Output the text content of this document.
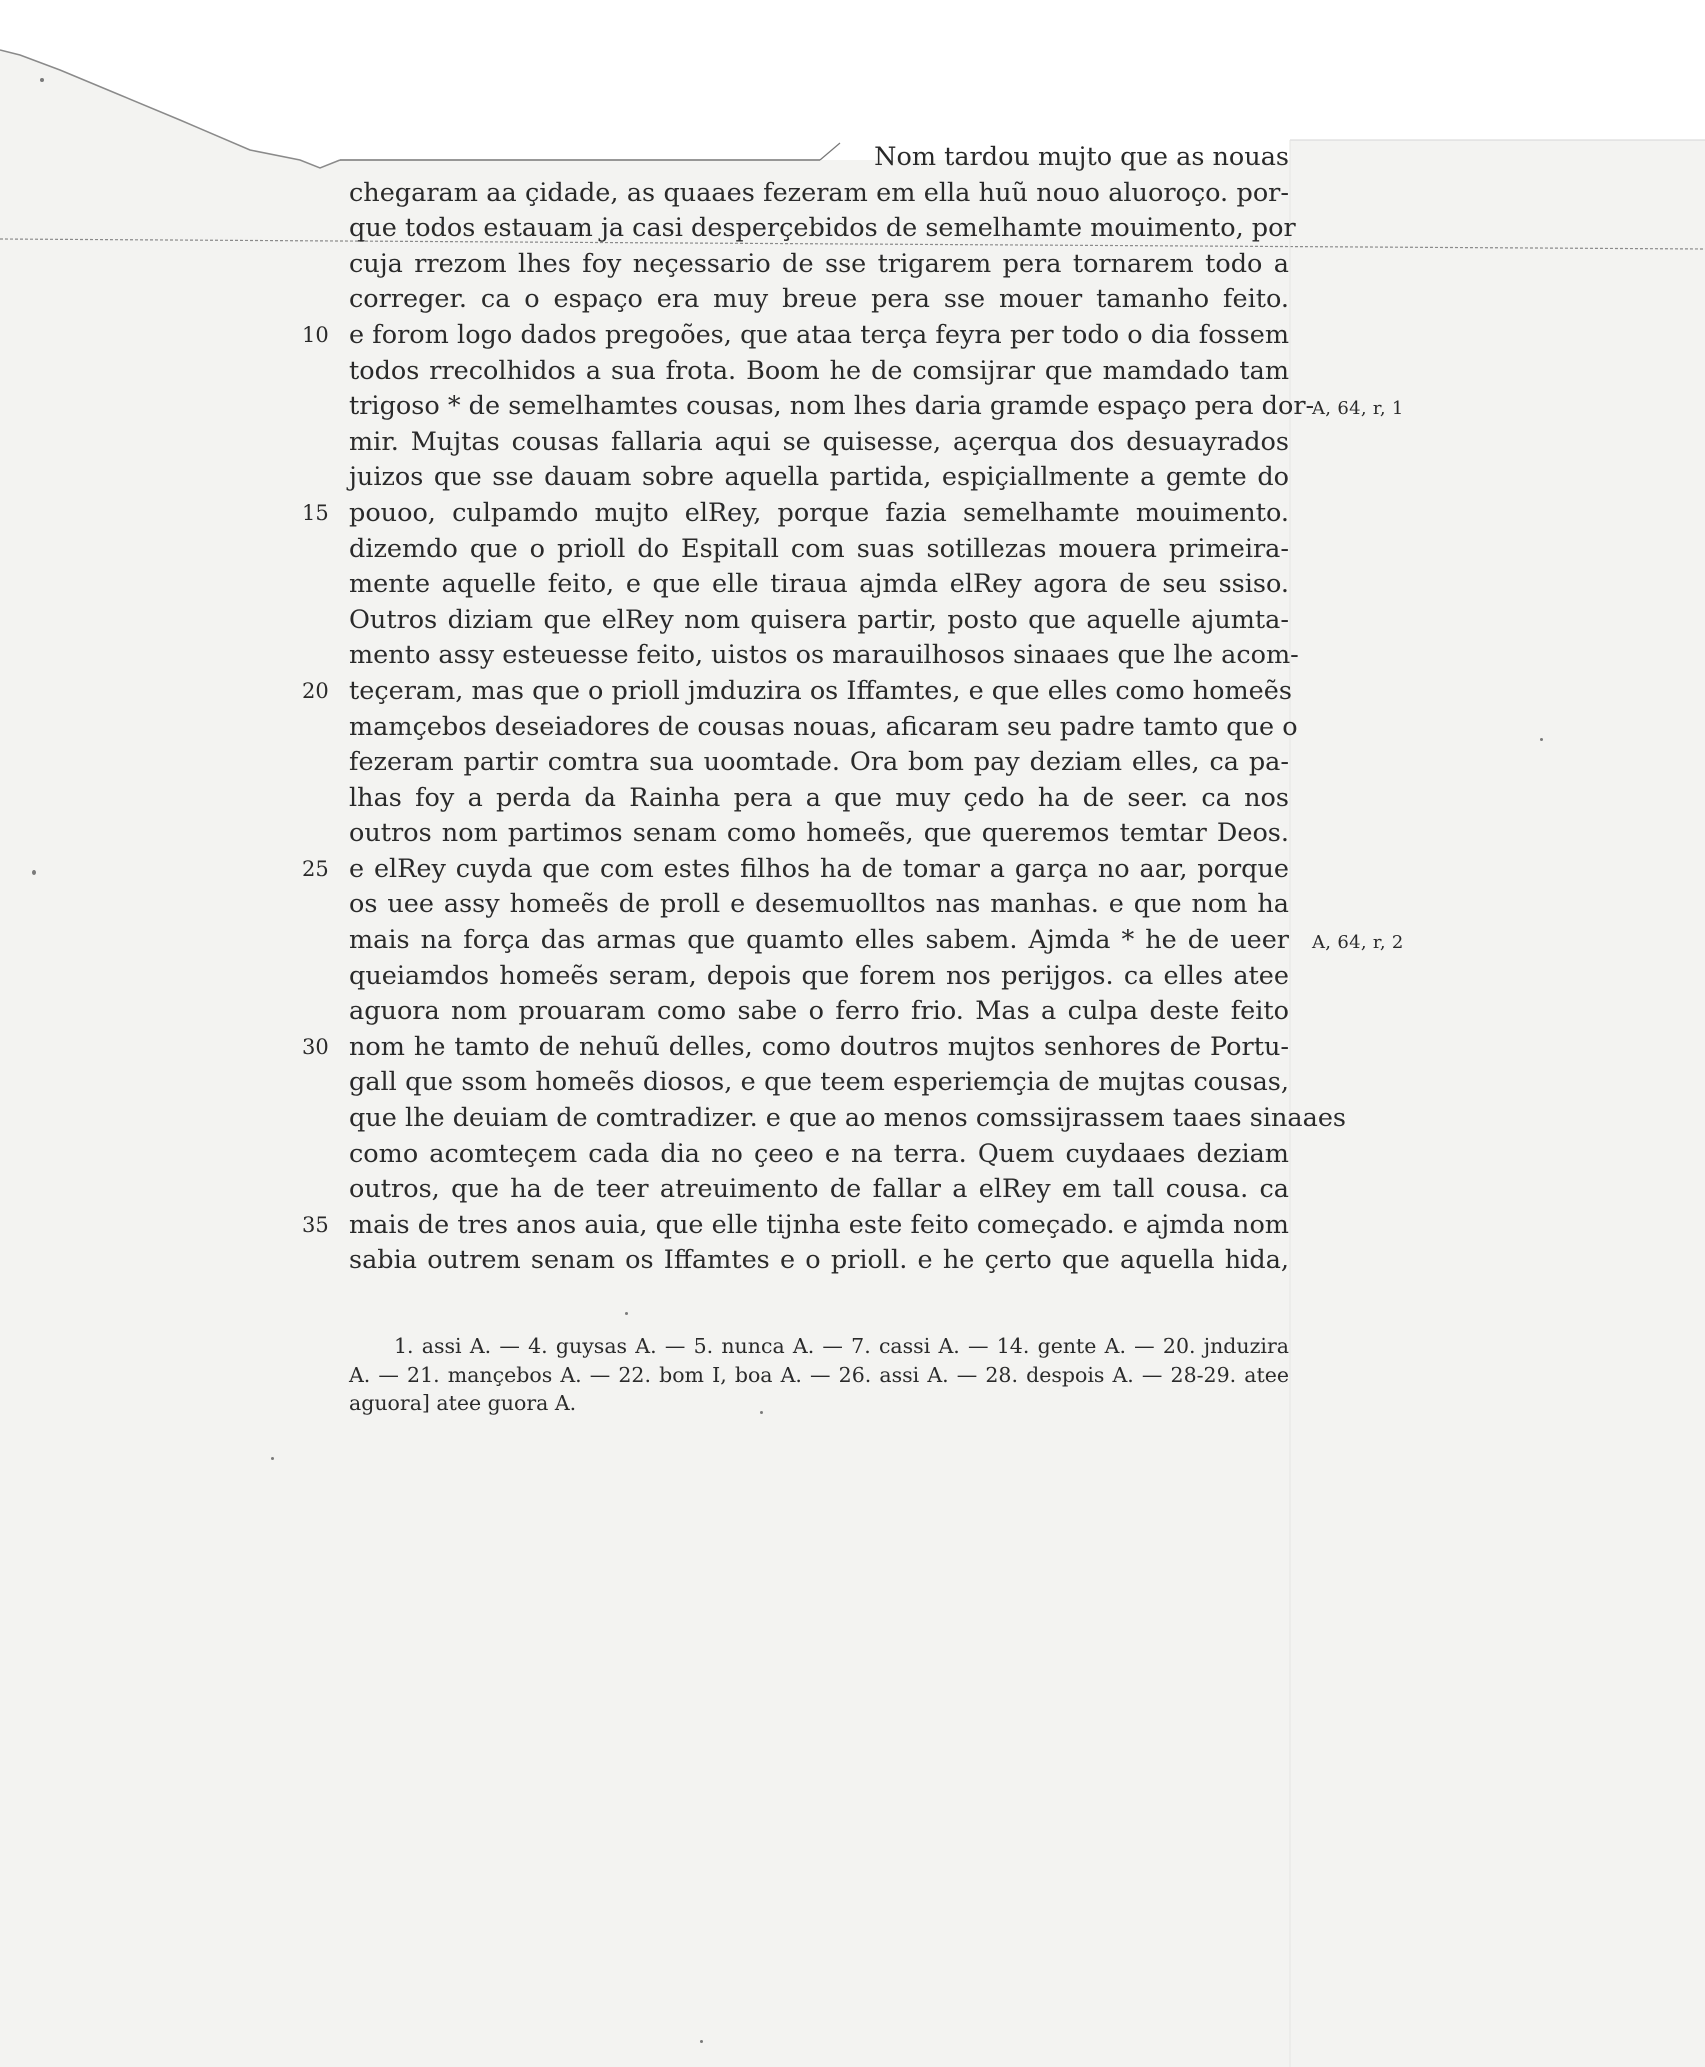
Nom tardou mujto que as nouas
chegaram aa çidade, as quaaes fezeram em ella huũ nouo aluoroço. por-
que todos estauam ja casi desperçebidos de semelhamte mouimento, por
cuja rrezom lhes foy neçessario de sse trigarem pera tornarem todo a
correger. ca o espaço era muy breue pera sse mouer tamanho feito.
10 e forom logo dados pregoões, que ataa terça feyra per todo o dia fossem
todos rrecolhidos a sua frota. Boom he de comsijrar que mamdado tam
trigoso * de semelhamtes cousas, nom lhes daria gramde espaço pera dor-
A, 64, r, 1
mir. Mujtas cousas fallaria aqui se quisesse, açerqua dos desuayrados
juizos que sse dauam sobre aquella partida, espiçiallmente a gemte do
15 pouoo, culpamdo mujto elRey, porque fazia semelhamte mouimento.
dizemdo que o prioll do Espitall com suas sotillezas mouera primeira-
mente aquelle feito, e que elle tiraua ajmda elRey agora de seu ssiso.
Outros diziam que elRey nom quisera partir, posto que aquelle ajumta-
mento assy esteuesse feito, uistos os marauilhosos sinaaes que lhe acom-
20 teçeram, mas que o prioll jmduzira os Iffamtes, e que elles como homeẽs
mamçebos deseiadores de cousas nouas, aficaram seu padre tamto que o
fezeram partir comtra sua uoomtade. Ora bom pay deziam elles, ca pa-
lhas foy a perda da Rainha pera a que muy çedo ha de seer. ca nos
outros nom partimos senam como homeẽs, que queremos temtar Deos.
25 e elRey cuyda que com estes filhos ha de tomar a garça no aar, porque
os uee assy homeẽs de proll e desemuolltos nas manhas. e que nom ha
mais na força das armas que quamto elles sabem. Ajmda * he de ueer A, 64, r, 2
queiamdos homeẽs seram, depois que forem nos perijgos. ca elles atee
aguora nom prouaram como sabe o ferro frio. Mas a culpa deste feito
30 nom he tamto de nehuũ delles, como doutros mujtos senhores de Portu-
gall que ssom homeẽs diosos, e que teem esperiemçia de mujtas cousas,
que lhe deuiam de comtradizer. e que ao menos comssijrassem taaes sinaaes
como acomteçem cada dia no çeeo e na terra. Quem cuydaaes deziam
outros, que ha de teer atreuimento de fallar a elRey em tall cousa. ca
35 mais de tres anos auia, que elle tijnha este feito começado. e ajmda nom
sabia outrem senam os Iffamtes e o prioll. e he çerto que aquella hida,
1. assi A. — 4. guysas A. — 5. nunca A. — 7. cassi A. — 14. gente A. — 20. jnduzira
A. — 21. mançebos A. — 22. bom I, boa A. — 26. assi A. — 28. despois A. — 28-29. atee
aguora] atee guora A.
